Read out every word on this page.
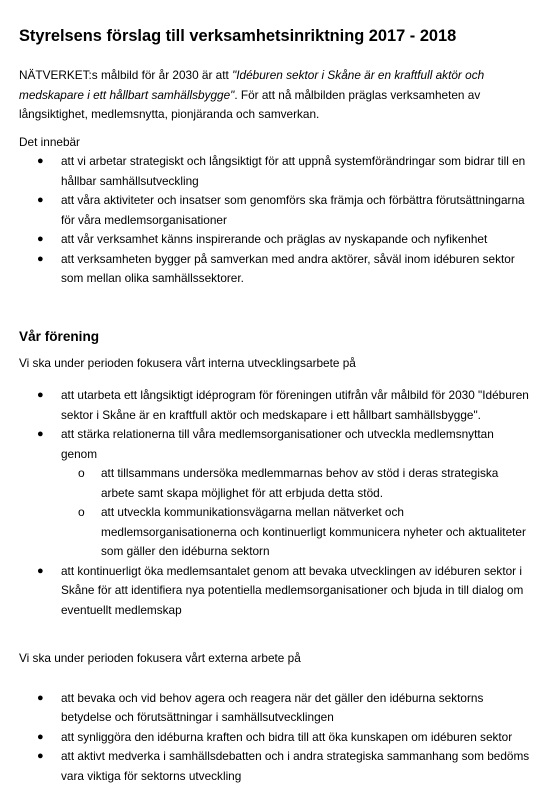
Styrelsens förslag till verksamhetsinriktning 2017 - 2018

NÄTVERKET:s målbild för år 2030 är att "Idéburen sektor i Skåne är en kraftfull aktör och medskapare i ett hållbart samhällsbygge". För att nå målbilden präglas verksamheten av långsiktighet, medlemsnytta, pionjäranda och samverkan.

Det innebär

● att vi arbetar strategiskt och långsiktigt för att uppnå systemförändringar som bidrar till en hållbar samhällsutveckling
● att våra aktiviteter och insatser som genomförs ska främja och förbättra förutsättningarna för våra medlemsorganisationer
● att vår verksamhet känns inspirerande och präglas av nyskapande och nyfikenhet
● att verksamheten bygger på samverkan med andra aktörer, såväl inom idéburen sektor som mellan olika samhällssektorer.
Vår förening

Vi ska under perioden fokusera vårt interna utvecklingsarbete på

● att utarbeta ett långsiktigt idéprogram för föreningen utifrån vår målbild för 2030 "Idéburen sektor i Skåne är en kraftfull aktör och medskapare i ett hållbart samhällsbygge".
● att stärka relationerna till våra medlemsorganisationer och utveckla medlemsnyttan genom
o att tillsammans undersöka medlemmarnas behov av stöd i deras strategiska arbete samt skapa möjlighet för att erbjuda detta stöd.
o att utveckla kommunikationsvägarna mellan nätverket och medlemsorganisationerna och kontinuerligt kommunicera nyheter och aktualiteter som gäller den idéburna sektorn
● att kontinuerligt öka medlemsantalet genom att bevaka utvecklingen av idéburen sektor i Skåne för att identifiera nya potentiella medlemsorganisationer och bjuda in till dialog om eventuellt medlemskap

Vi ska under perioden fokusera vårt externa arbete på

● att bevaka och vid behov agera och reagera när det gäller den idéburna sektorns betydelse och förutsättningar i samhällsutvecklingen
● att synliggöra den idéburna kraften och bidra till att öka kunskapen om idéburen sektor
● att aktivt medverka i samhällsdebatten och i andra strategiska sammanhang som bedöms vara viktiga för sektorns utveckling
